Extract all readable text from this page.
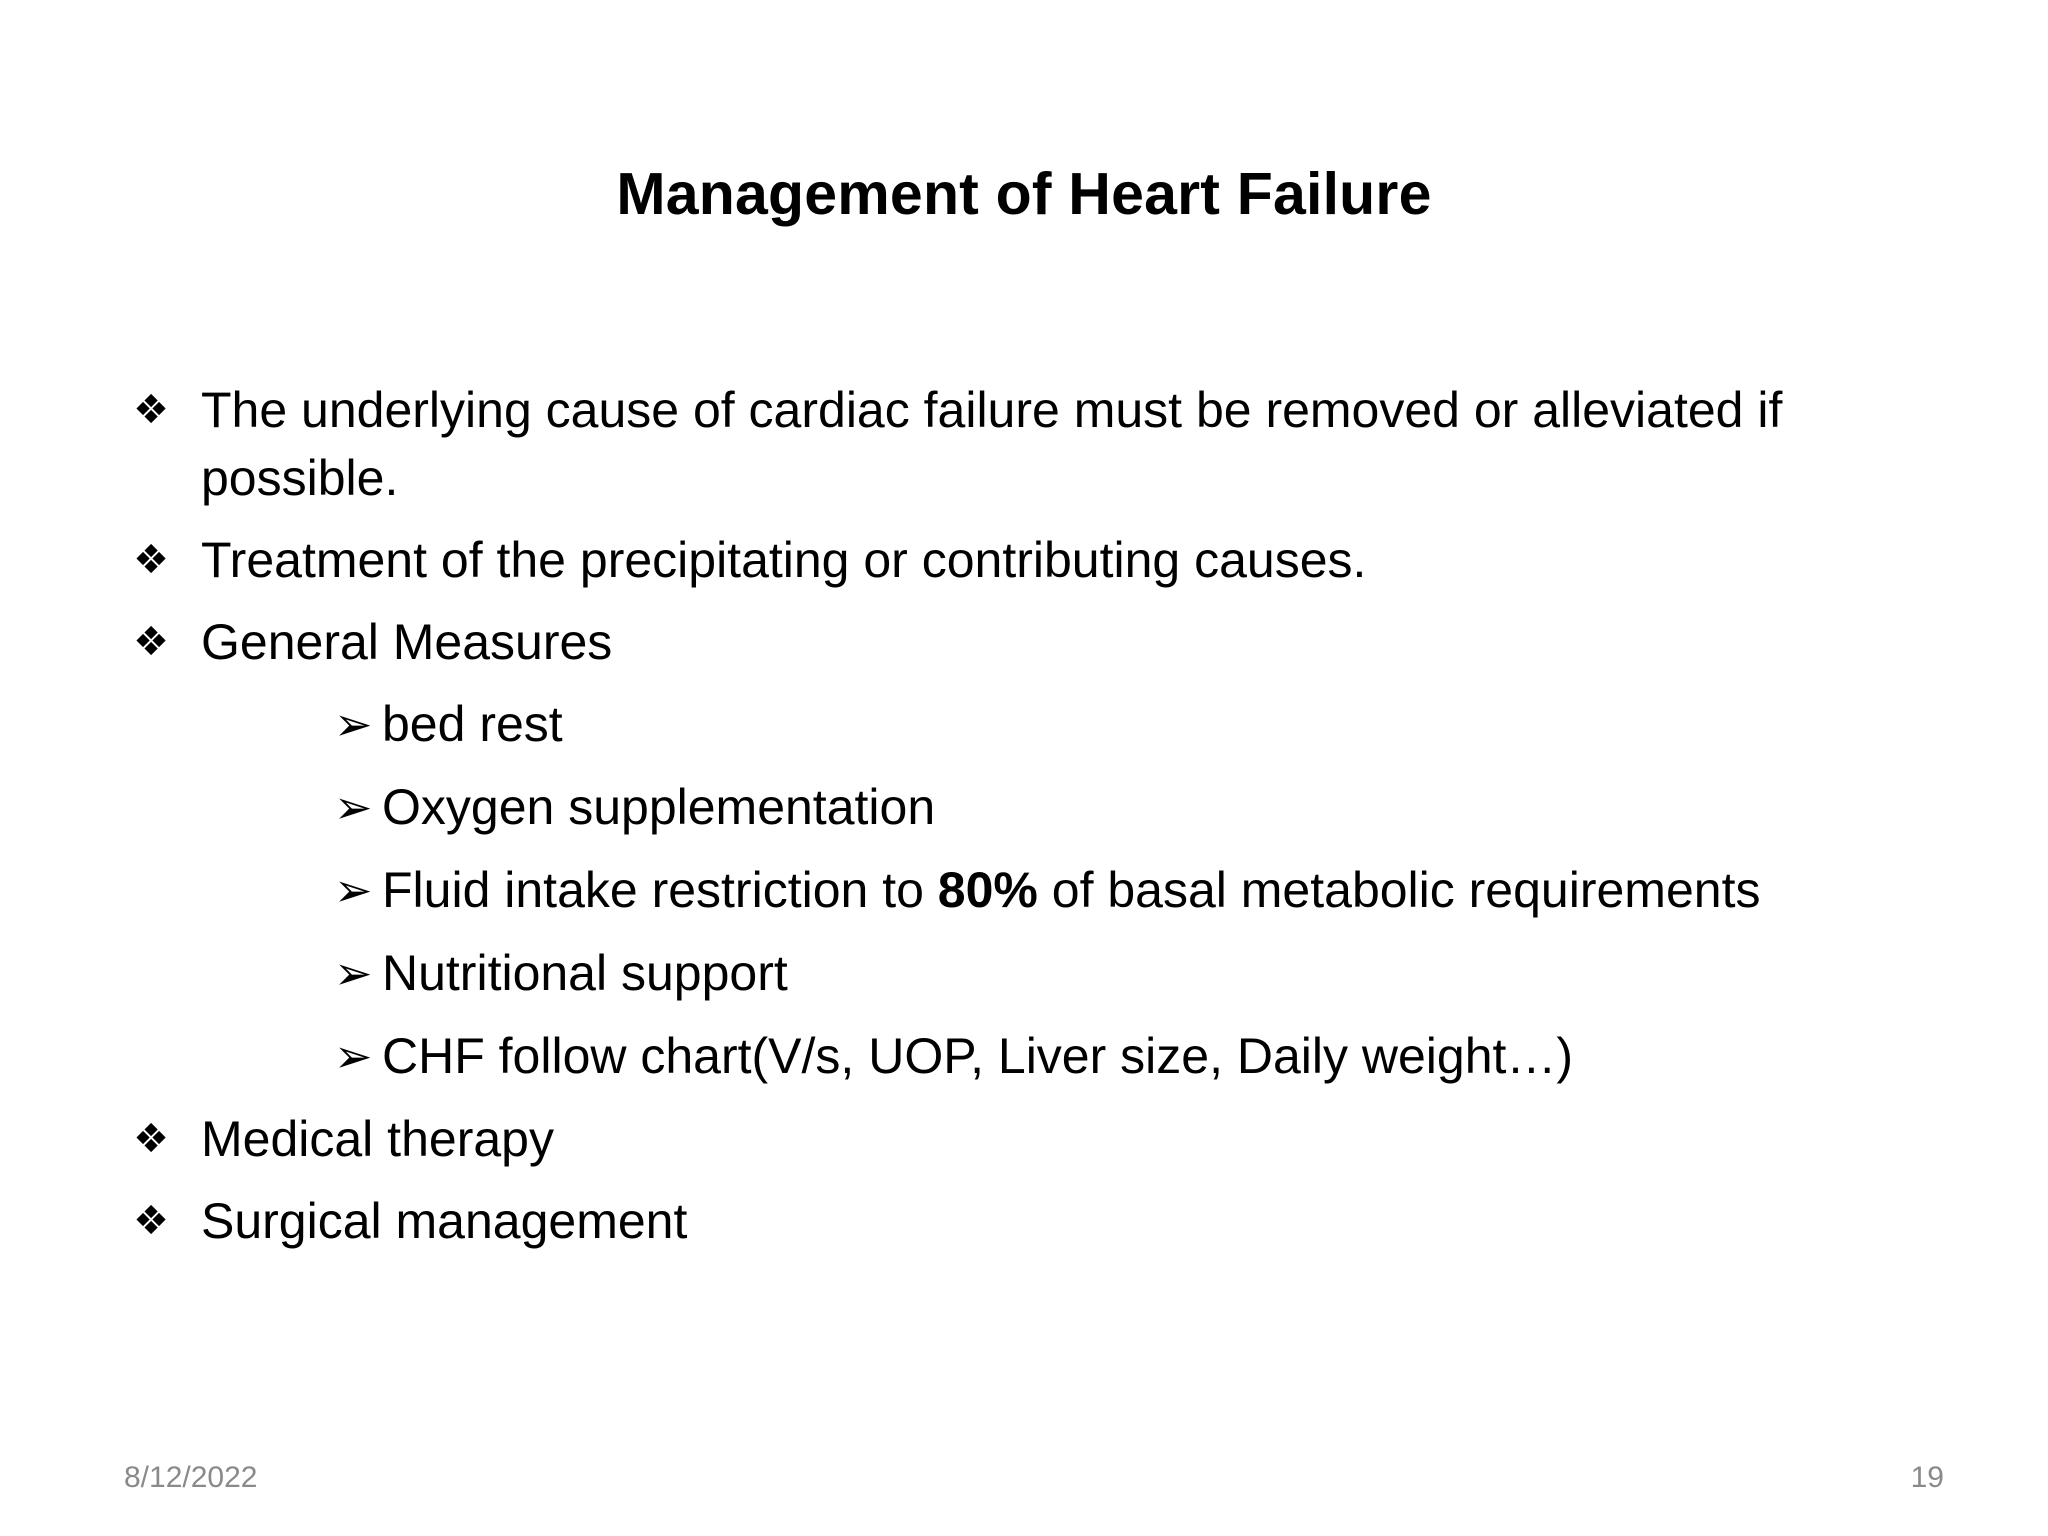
Management of Heart Failure
❖ The underlying cause of cardiac failure must be removed or alleviated if
possible.
❖ Treatment of the precipitating or contributing causes.
❖ General Measures
➢ bed rest
➢ Oxygen supplementation
➢ Fluid intake restriction to 80% of basal metabolic requirements
➢ Nutritional support
➢ CHF follow chart(V/s, UOP, Liver size, Daily weight…)
❖ Medical therapy
❖ Surgical management
8/12/2022	19
